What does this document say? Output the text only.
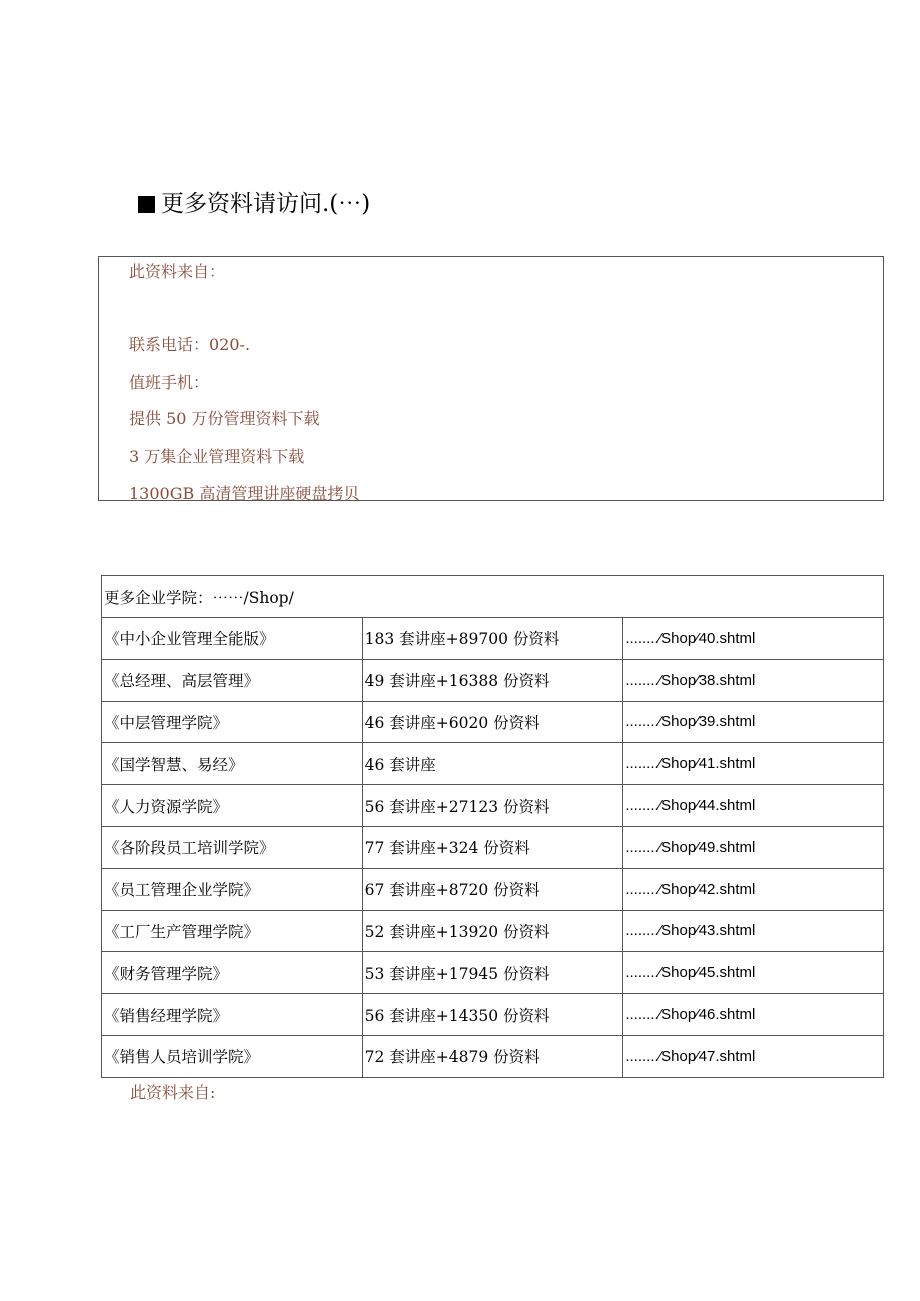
更多资料请访问.(⋯)
此资料来自：
联系电话：020-.
值班手机：
提供 50 万份管理资料下载
3 万集企业管理资料下载
1300GB 高清管理讲座硬盘拷贝
更多企业学院：⋯⋯/Shop/		
《中小企业管理全能版》	183 套讲座+89700 份资料	........⁄Shop⁄40.shtml
《总经理、高层管理》	49 套讲座+16388 份资料	........⁄Shop⁄38.shtml
《中层管理学院》	46 套讲座+6020 份资料	........⁄Shop⁄39.shtml
《国学智慧、易经》	46 套讲座	........⁄Shop⁄41.shtml
《人力资源学院》	56 套讲座+27123 份资料	........⁄Shop⁄44.shtml
《各阶段员工培训学院》	77 套讲座+324 份资料	........⁄Shop⁄49.shtml
《员工管理企业学院》	67 套讲座+8720 份资料	........⁄Shop⁄42.shtml
《工厂生产管理学院》	52 套讲座+13920 份资料	........⁄Shop⁄43.shtml
《财务管理学院》	53 套讲座+17945 份资料	........⁄Shop⁄45.shtml
《销售经理学院》	56 套讲座+14350 份资料	........⁄Shop⁄46.shtml
《销售人员培训学院》	72 套讲座+4879 份资料	........⁄Shop⁄47.shtml
此资料来自:
